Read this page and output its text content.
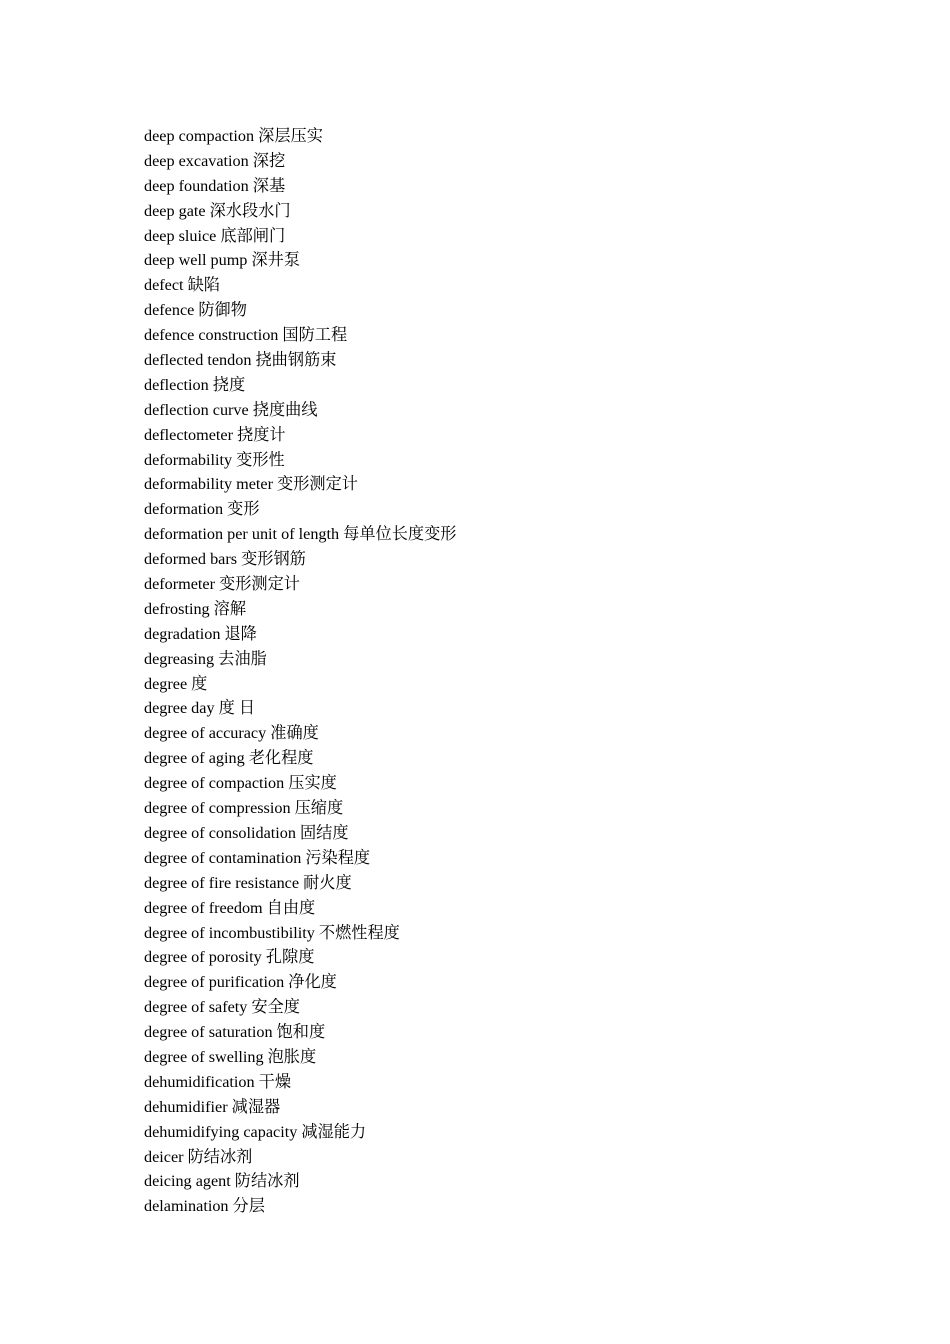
deep compaction 深层压实
deep excavation 深挖
deep foundation 深基
deep gate 深水段水门
deep sluice 底部闸门
deep well pump 深井泵
defect 缺陷
defence 防御物
defence construction 国防工程
deflected tendon 挠曲钢筋束
deflection 挠度
deflection curve 挠度曲线
deflectometer 挠度计
deformability 变形性
deformability meter 变形测定计
deformation 变形
deformation per unit of length 每单位长度变形
deformed bars 变形钢筋
deformeter 变形测定计
defrosting 溶解
degradation 退降
degreasing 去油脂
degree 度
degree day 度 日
degree of accuracy 准确度
degree of aging 老化程度
degree of compaction 压实度
degree of compression 压缩度
degree of consolidation 固结度
degree of contamination 污染程度
degree of fire resistance 耐火度
degree of freedom 自由度
degree of incombustibility 不燃性程度
degree of porosity 孔隙度
degree of purification 净化度
degree of safety 安全度
degree of saturation 饱和度
degree of swelling 泡胀度
dehumidification 干燥
dehumidifier 减湿器
dehumidifying capacity 减湿能力
deicer 防结冰剂
deicing agent 防结冰剂
delamination 分层
